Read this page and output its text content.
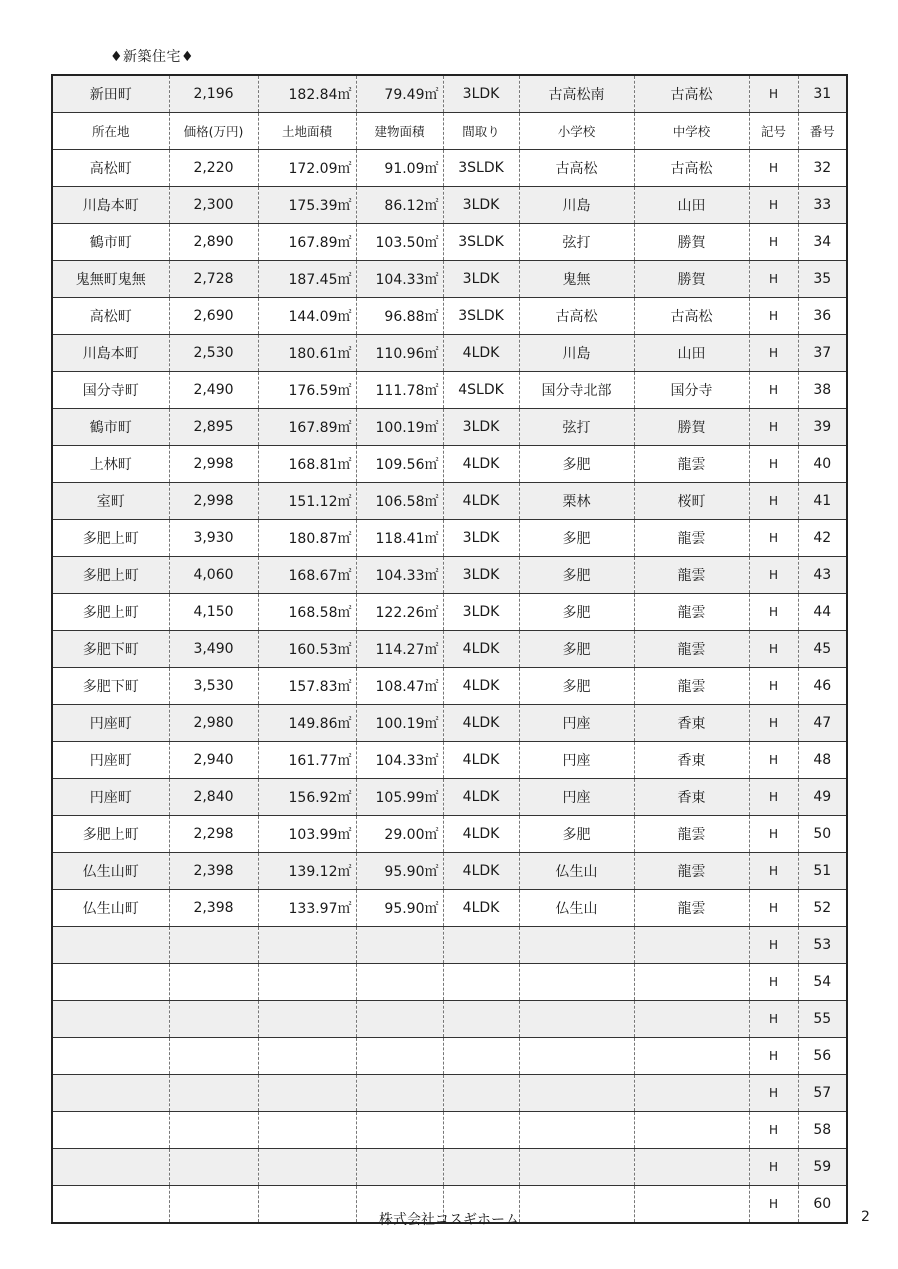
♦新築住宅♦
新田町	2,196	182.84㎡	79.49㎡	3LDK	古高松南	古高松	H	31
所在地	価格(万円)	土地面積	建物面積	間取り	小学校	中学校	記号	番号
高松町	2,220	172.09㎡	91.09㎡	3SLDK	古高松	古高松	H	32
川島本町	2,300	175.39㎡	86.12㎡	3LDK	川島	山田	H	33
鶴市町	2,890	167.89㎡	103.50㎡	3SLDK	弦打	勝賀	H	34
鬼無町鬼無	2,728	187.45㎡	104.33㎡	3LDK	鬼無	勝賀	H	35
高松町	2,690	144.09㎡	96.88㎡	3SLDK	古高松	古高松	H	36
川島本町	2,530	180.61㎡	110.96㎡	4LDK	川島	山田	H	37
国分寺町	2,490	176.59㎡	111.78㎡	4SLDK	国分寺北部	国分寺	H	38
鶴市町	2,895	167.89㎡	100.19㎡	3LDK	弦打	勝賀	H	39
上林町	2,998	168.81㎡	109.56㎡	4LDK	多肥	龍雲	H	40
室町	2,998	151.12㎡	106.58㎡	4LDK	栗林	桜町	H	41
多肥上町	3,930	180.87㎡	118.41㎡	3LDK	多肥	龍雲	H	42
多肥上町	4,060	168.67㎡	104.33㎡	3LDK	多肥	龍雲	H	43
多肥上町	4,150	168.58㎡	122.26㎡	3LDK	多肥	龍雲	H	44
多肥下町	3,490	160.53㎡	114.27㎡	4LDK	多肥	龍雲	H	45
多肥下町	3,530	157.83㎡	108.47㎡	4LDK	多肥	龍雲	H	46
円座町	2,980	149.86㎡	100.19㎡	4LDK	円座	香東	H	47
円座町	2,940	161.77㎡	104.33㎡	4LDK	円座	香東	H	48
円座町	2,840	156.92㎡	105.99㎡	4LDK	円座	香東	H	49
多肥上町	2,298	103.99㎡	29.00㎡	4LDK	多肥	龍雲	H	50
仏生山町	2,398	139.12㎡	95.90㎡	4LDK	仏生山	龍雲	H	51
仏生山町	2,398	133.97㎡	95.90㎡	4LDK	仏生山	龍雲	H	52
							H	53
							H	54
							H	55
							H	56
							H	57
							H	58
							H	59
							H	60
株式会社コスギホーム	2
